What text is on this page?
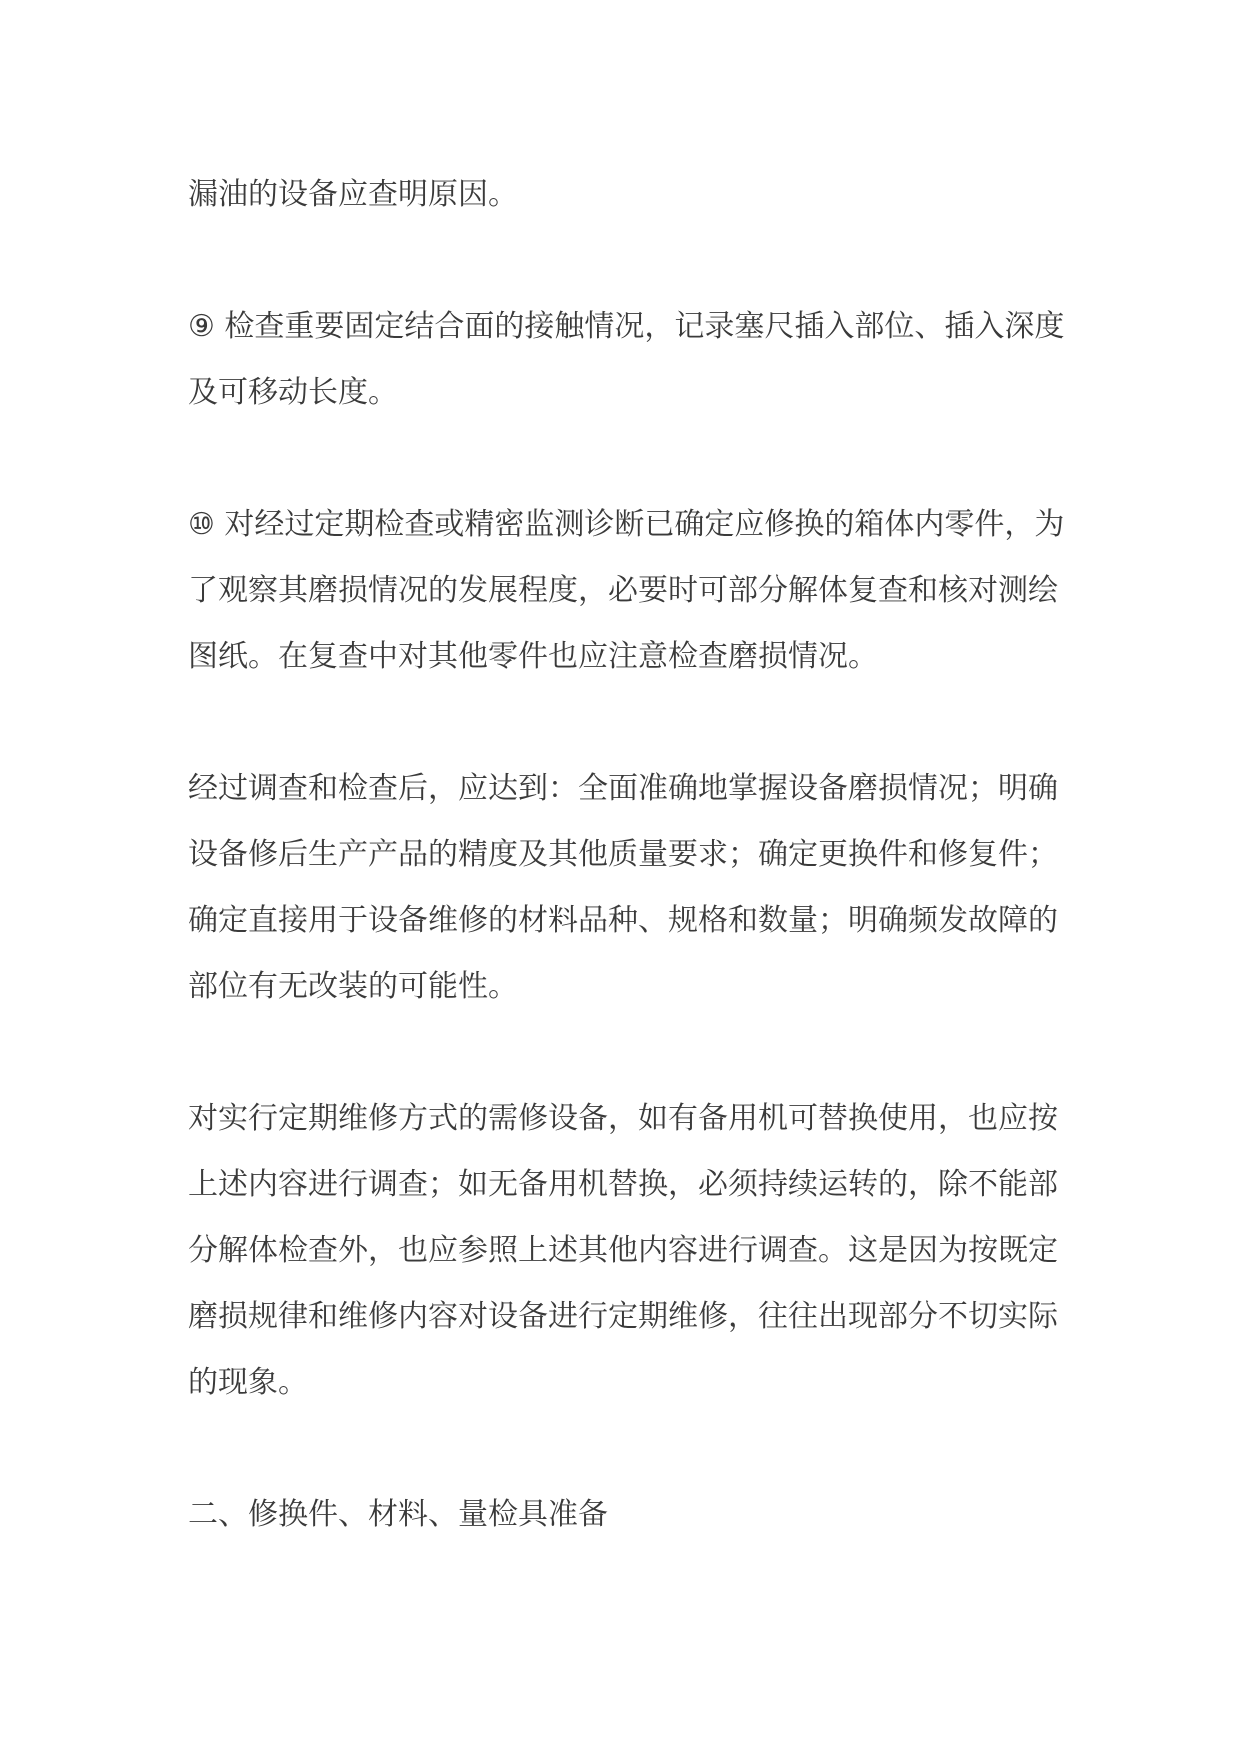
漏油的设备应查明原因。

⑨ 检查重要固定结合面的接触情况，记录塞尺插入部位、插入深度
及可移动长度。

⑩ 对经过定期检查或精密监测诊断已确定应修换的箱体内零件，为
了观察其磨损情况的发展程度，必要时可部分解体复查和核对测绘
图纸。在复查中对其他零件也应注意检查磨损情况。

经过调查和检查后，应达到：全面准确地掌握设备磨损情况；明确
设备修后生产产品的精度及其他质量要求；确定更换件和修复件；
确定直接用于设备维修的材料品种、规格和数量；明确频发故障的
部位有无改装的可能性。

对实行定期维修方式的需修设备，如有备用机可替换使用，也应按
上述内容进行调查；如无备用机替换，必须持续运转的，除不能部
分解体检查外，也应参照上述其他内容进行调查。这是因为按既定
磨损规律和维修内容对设备进行定期维修，往往出现部分不切实际
的现象。

二、修换件、材料、量检具准备
